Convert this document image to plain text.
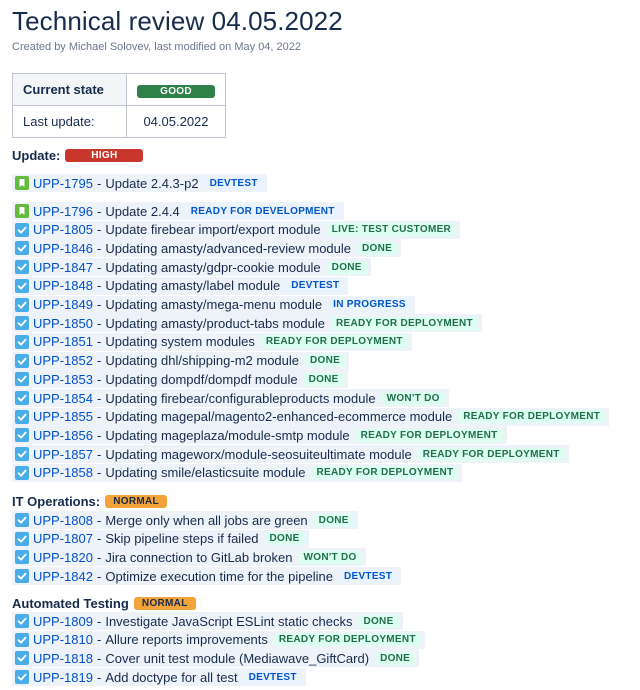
Technical review 04.05.2022
Created by Michael Solovev, last modified on May 04, 2022
Current state	GOOD
Last update:	04.05.2022
Update:	HIGH
UPP-1795 - Update 2.4.3-p2	DEVTEST
UPP-1796 - Update 2.4.4	READY FOR DEVELOPMENT
UPP-1805 - Update firebear import/export module	LIVE: TEST CUSTOMER
UPP-1846 - Updating amasty/advanced-review module	DONE
UPP-1847 - Updating amasty/gdpr-cookie module	DONE
UPP-1848 - Updating amasty/label module	DEVTEST
UPP-1849 - Updating amasty/mega-menu module	IN PROGRESS
UPP-1850 - Updating amasty/product-tabs module	READY FOR DEPLOYMENT
UPP-1851 - Updating system modules	READY FOR DEPLOYMENT
UPP-1852 - Updating dhl/shipping-m2 module	DONE
UPP-1853 - Updating dompdf/dompdf module	DONE
UPP-1854 - Updating firebear/configurableproducts module	WON'T DO
UPP-1855 - Updating magepal/magento2-enhanced-ecommerce module	READY FOR DEPLOYMENT
UPP-1856 - Updating mageplaza/module-smtp module	READY FOR DEPLOYMENT
UPP-1857 - Updating mageworx/module-seosuiteultimate module	READY FOR DEPLOYMENT
UPP-1858 - Updating smile/elasticsuite module	READY FOR DEPLOYMENT
IT Operations:	NORMAL
UPP-1808 - Merge only when all jobs are green	DONE
UPP-1807 - Skip pipeline steps if failed	DONE
UPP-1820 - Jira connection to GitLab broken	WON'T DO
UPP-1842 - Optimize execution time for the pipeline	DEVTEST
Automated Testing	NORMAL
UPP-1809 - Investigate JavaScript ESLint static checks	DONE
UPP-1810 - Allure reports improvements	READY FOR DEPLOYMENT
UPP-1818 - Cover unit test module (Mediawave_GiftCard)	DONE
UPP-1819 - Add doctype for all test	DEVTEST
